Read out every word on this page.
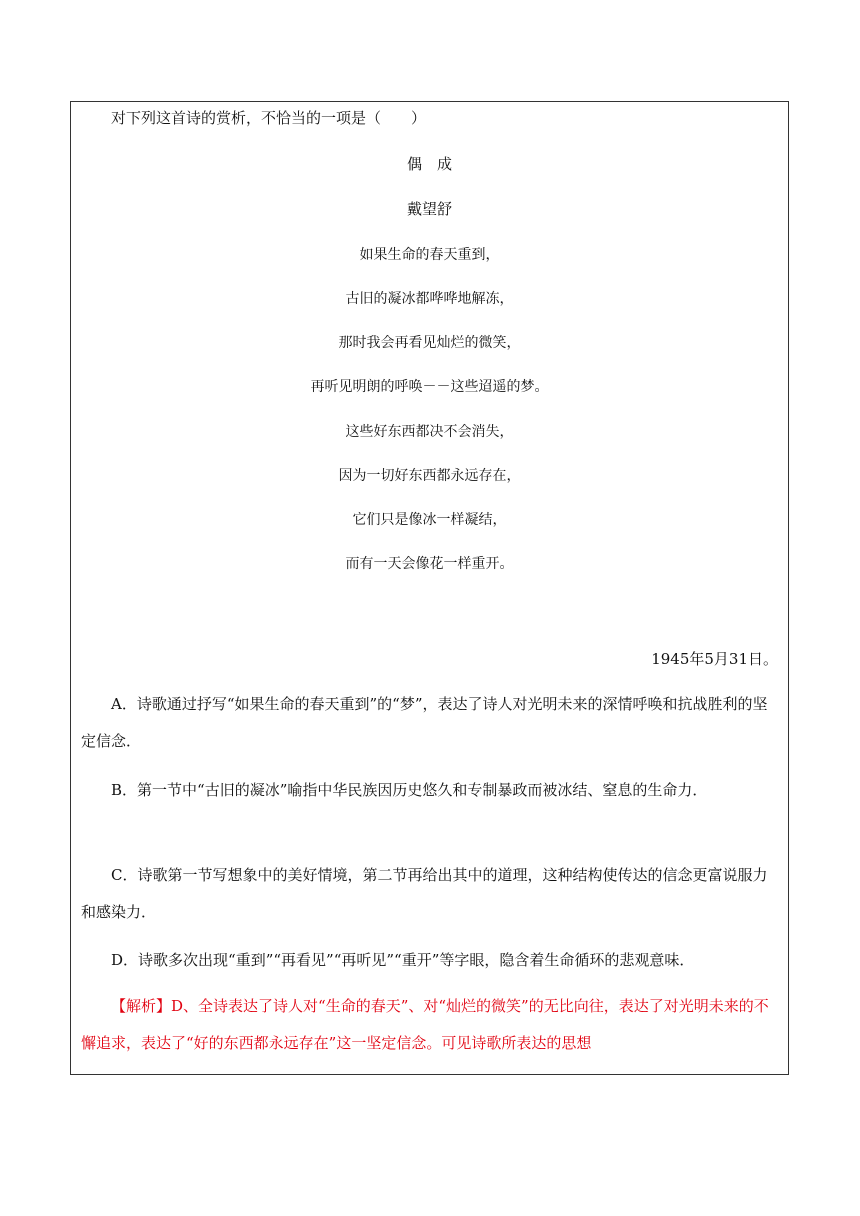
对下列这首诗的赏析，不恰当的一项是（　　）
偶　成
戴望舒
如果生命的春天重到，
古旧的凝冰都哗哗地解冻，
那时我会再看见灿烂的微笑，
再听见明朗的呼唤－－这些迢遥的梦。
这些好东西都决不会消失，
因为一切好东西都永远存在，
它们只是像冰一样凝结，
而有一天会像花一样重开。
1945年5月31日。
A．诗歌通过抒写“如果生命的春天重到”的“梦”，表达了诗人对光明未来的深情呼唤和抗战胜利的坚定信念．
B．第一节中“古旧的凝冰”喻指中华民族因历史悠久和专制暴政而被冰结、窒息的生命力．
C．诗歌第一节写想象中的美好情境，第二节再给出其中的道理，这种结构使传达的信念更富说服力和感染力．
D．诗歌多次出现“重到”“再看见”“再听见”“重开”等字眼，隐含着生命循环的悲观意味．
【解析】D、全诗表达了诗人对“生命的春天”、对“灿烂的微笑”的无比向往，表达了对光明未来的不懈追求，表达了“好的东西都永远存在”这一坚定信念。可见诗歌所表达的思想
